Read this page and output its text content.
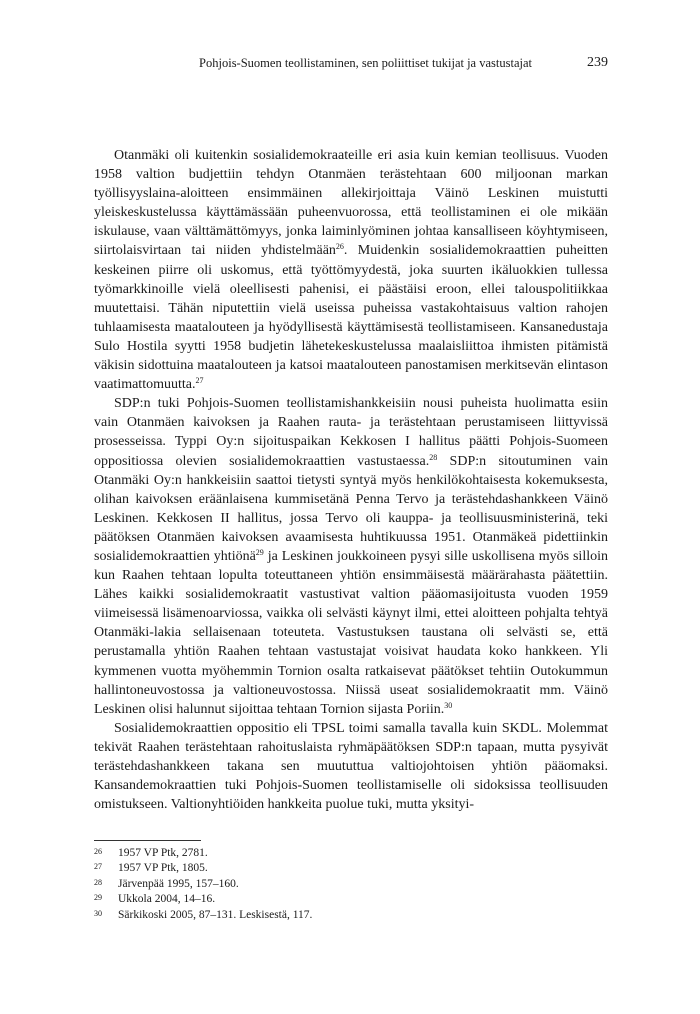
Pohjois-Suomen teollistaminen, sen poliittiset tukijat ja vastustajat	239

Otanmäki oli kuitenkin sosialidemokraateille eri asia kuin kemian teollisuus. Vuoden 1958 valtion budjettiin tehdyn Otanmäen terästehtaan 600 miljoonan markan työllisyyslaina-aloitteen ensimmäinen allekirjoittaja Väinö Leskinen muistutti yleiskeskustelussa käyttämässään puheenvuorossa, että teollistaminen ei ole mikään iskulause, vaan välttämättömyys, jonka laiminlyöminen johtaa kansalliseen köyhtymiseen, siirtolaisvirtaan tai niiden yhdistelmään$^{26}$. Muidenkin sosialidemokraattien puheitten keskeinen piirre oli uskomus, että työttömyydestä, joka suurten ikäluokkien tullessa työmarkkinoille vielä oleellisesti pahenisi, ei päästäisi eroon, ellei talouspolitiikkaa muutettaisi. Tähän niputettiin vielä useissa puheissa vastakohtaisuus valtion rahojen tuhlaamisesta maatalouteen ja hyödyllisestä käyttämisestä teollistamiseen. Kansanedustaja Sulo Hostila syytti 1958 budjetin lähetekeskustelussa maalaisliittoa ihmisten pitämistä väkisin sidottuina maatalouteen ja katsoi maatalouteen panostamisen merkitsevän elintason vaatimattomuutta.$^{27}$

SDP:n tuki Pohjois-Suomen teollistamishankkeisiin nousi puheista huolimatta esiin vain Otanmäen kaivoksen ja Raahen rauta- ja terästehtaan perustamiseen liittyvissä prosesseissa. Typpi Oy:n sijoituspaikan Kekkosen I hallitus päätti Pohjois-Suomeen oppositiossa olevien sosialidemokraattien vastustaessa.$^{28}$ SDP:n sitoutuminen vain Otanmäki Oy:n hankkeisiin saattoi tietysti syntyä myös henkilökohtaisesta kokemuksesta, olihan kaivoksen eräänlaisena kummisetänä Penna Tervo ja terästehdashankkeen Väinö Leskinen. Kekkosen II hallitus, jossa Tervo oli kauppa- ja teollisuusministerinä, teki päätöksen Otanmäen kaivoksen avaamisesta huhtikuussa 1951. Otanmäkeä pidettiinkin sosialidemokraattien yhtiönä$^{29}$ ja Leskinen joukkoineen pysyi sille uskollisena myös silloin kun Raahen tehtaan lopulta toteuttaneen yhtiön ensimmäisestä määrärahasta päätettiin. Lähes kaikki sosialidemokraatit vastustivat valtion pääomasijoitusta vuoden 1959 viimeisessä lisämenoarviossa, vaikka oli selvästi käynyt ilmi, ettei aloitteen pohjalta tehtyä Otanmäki-lakia sellaisenaan toteuteta. Vastustuksen taustana oli selvästi se, että perustamalla yhtiön Raahen tehtaan vastustajat voisivat haudata koko hankkeen. Yli kymmenen vuotta myöhemmin Tornion osalta ratkaisevat päätökset tehtiin Outokummun hallintoneuvostossa ja valtioneuvostossa. Niissä useat sosialidemokraatit mm. Väinö Leskinen olisi halunnut sijoittaa tehtaan Tornion sijasta Poriin.$^{30}$

Sosialidemokraattien oppositio eli TPSL toimi samalla tavalla kuin SKDL. Molemmat tekivät Raahen terästehtaan rahoituslaista ryhmäpäätöksen SDP:n tapaan, mutta pysyivät terästehdashankkeen takana sen muututtua valtiojohtoisen yhtiön pääomaksi. Kansandemokraattien tuki Pohjois-Suomen teollistamiselle oli sidoksissa teollisuuden omistukseen. Valtionyhtiöiden hankkeita puolue tuki, mutta yksityi-

26	1957 VP Ptk, 2781.
27	1957 VP Ptk, 1805.
28	Järvenpää 1995, 157–160.
29	Ukkola 2004, 14–16.
30	Särkikoski 2005, 87–131. Leskisestä, 117.
